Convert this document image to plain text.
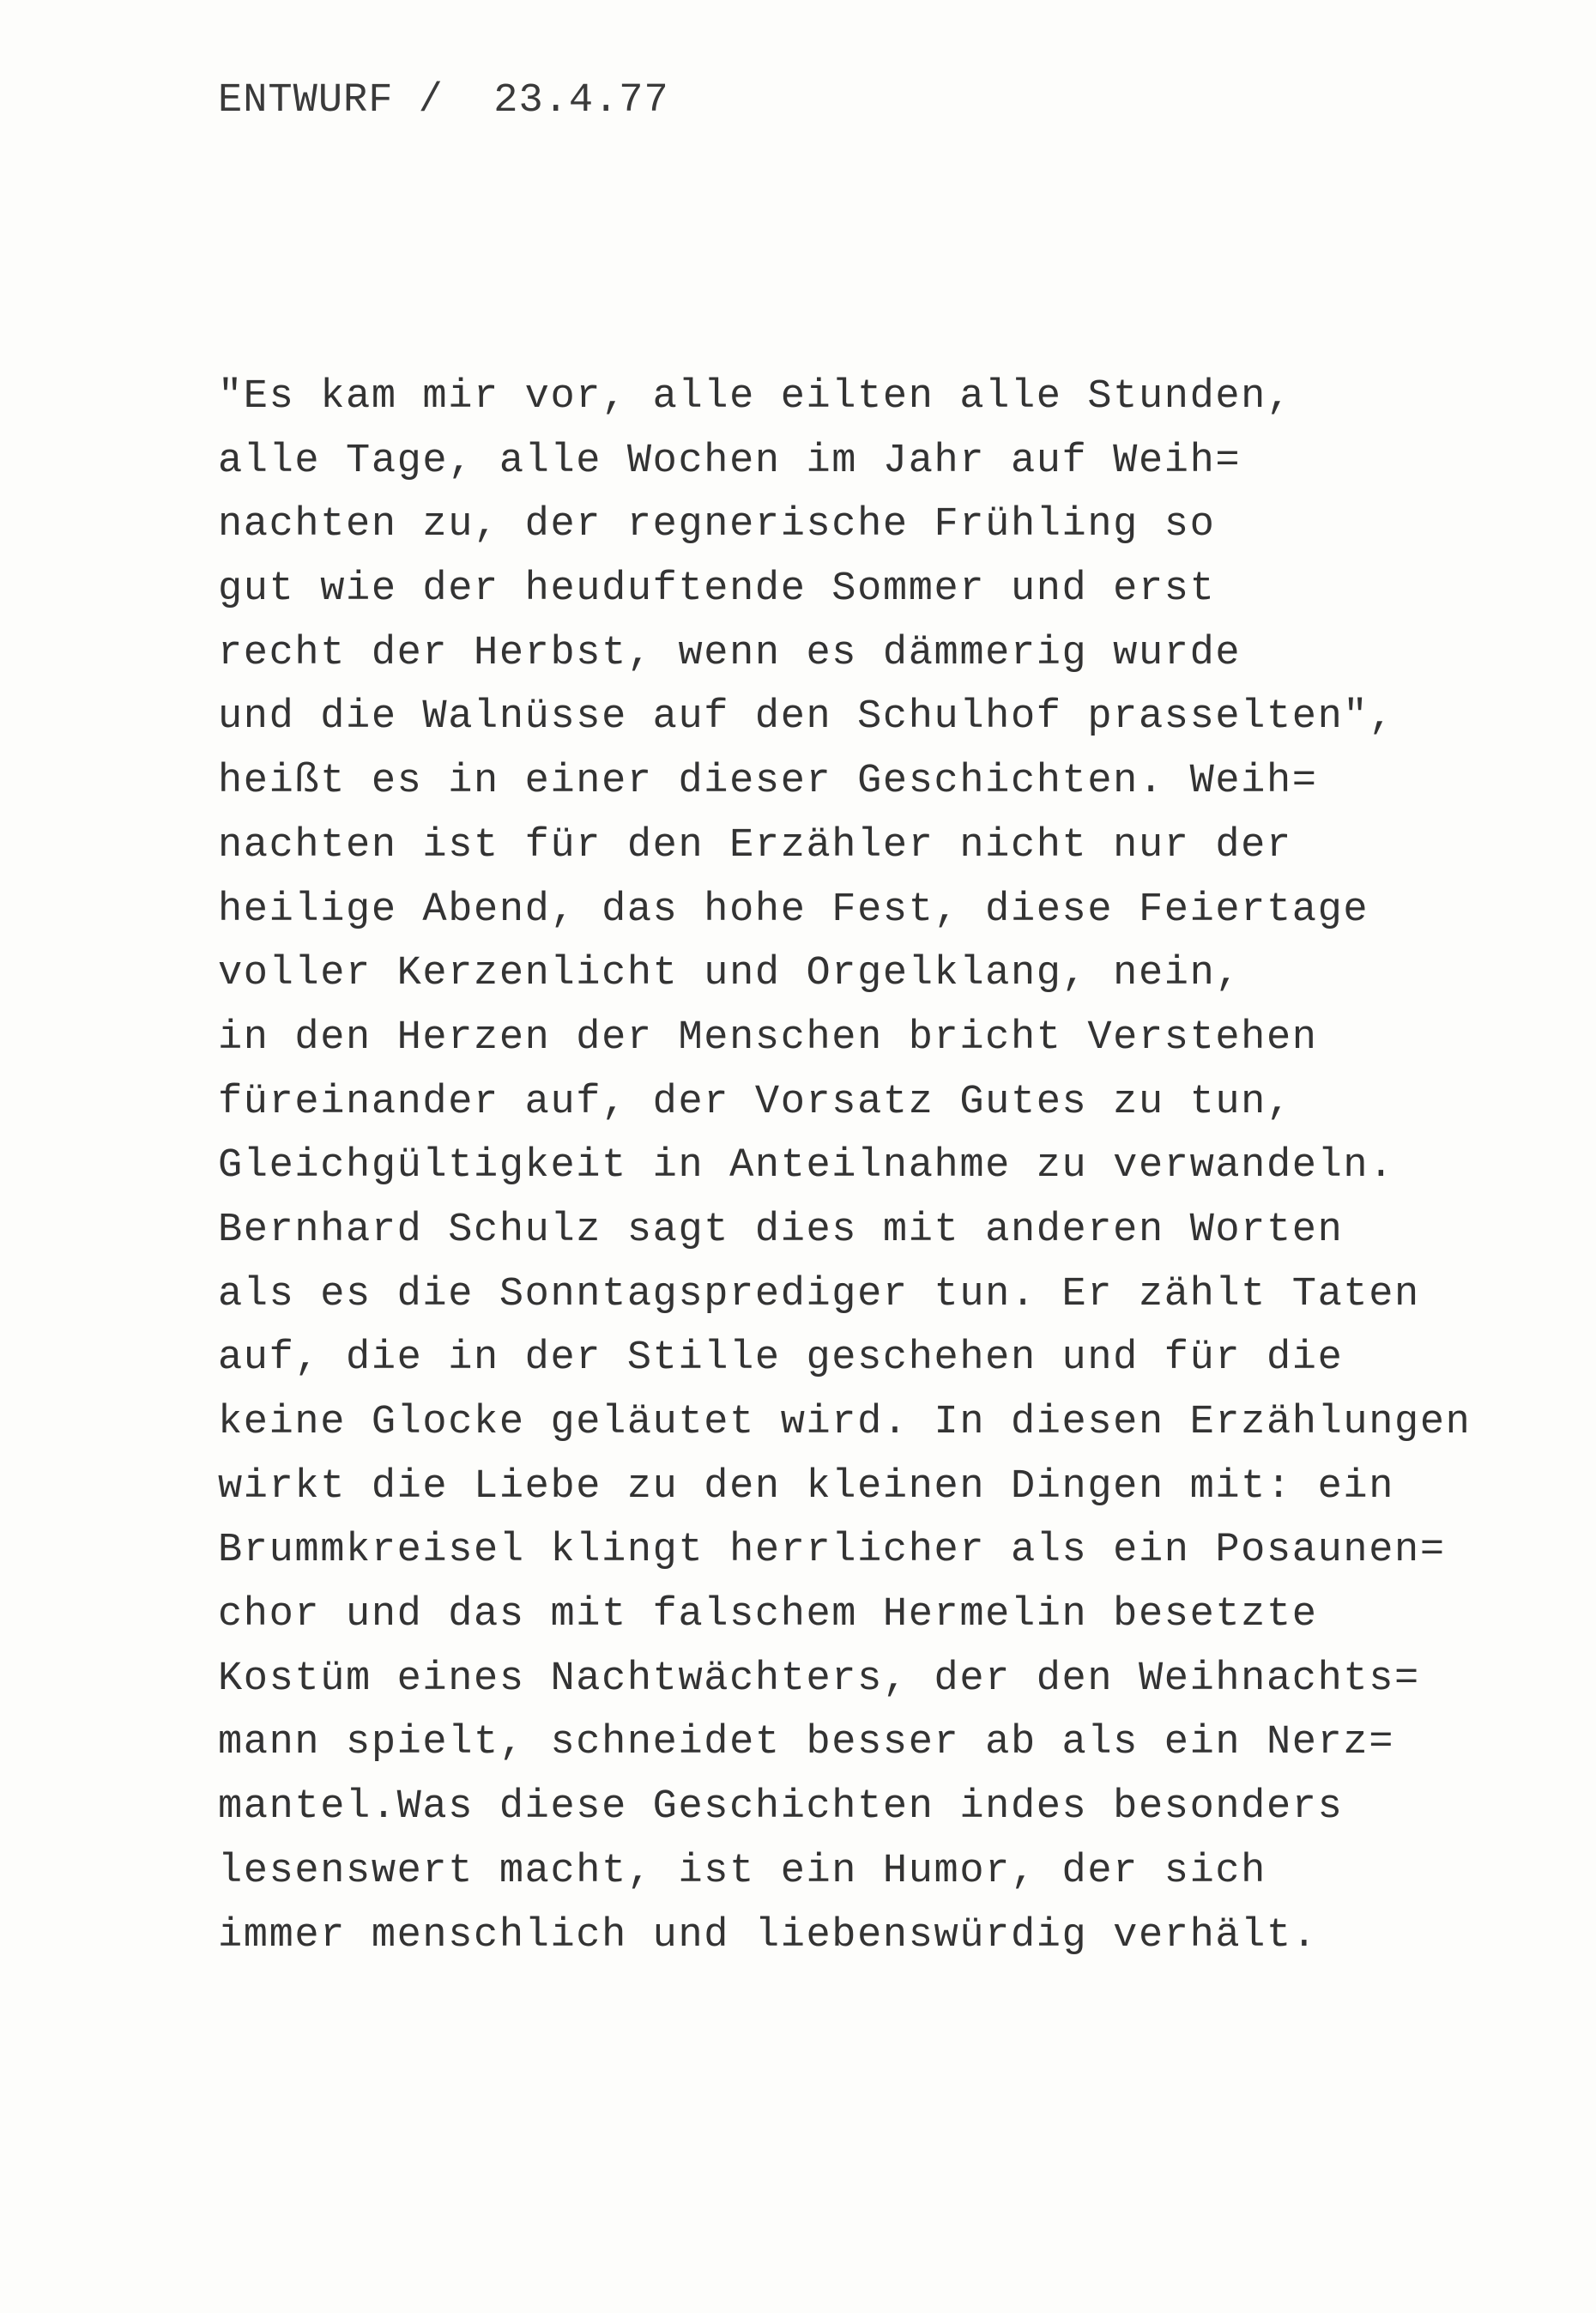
ENTWURF /  23.4.77
"Es kam mir vor, alle eilten alle Stunden,
alle Tage, alle Wochen im Jahr auf Weih=
nachten zu, der regnerische Frühling so
gut wie der heuduftende Sommer und erst
recht der Herbst, wenn es dämmerig wurde
und die Walnüsse auf den Schulhof prasselten",
heißt es in einer dieser Geschichten. Weih=
nachten ist für den Erzähler nicht nur der
heilige Abend, das hohe Fest, diese Feiertage
voller Kerzenlicht und Orgelklang, nein,
in den Herzen der Menschen bricht Verstehen
füreinander auf, der Vorsatz Gutes zu tun,
Gleichgültigkeit in Anteilnahme zu verwandeln.
Bernhard Schulz sagt dies mit anderen Worten
als es die Sonntagsprediger tun. Er zählt Taten
auf, die in der Stille geschehen und für die
keine Glocke geläutet wird. In diesen Erzählungen
wirkt die Liebe zu den kleinen Dingen mit: ein
Brummkreisel klingt herrlicher als ein Posaunen=
chor und das mit falschem Hermelin besetzte
Kostüm eines Nachtwächters, der den Weihnachts=
mann spielt, schneidet besser ab als ein Nerz=
mantel.Was diese Geschichten indes besonders
lesenswert macht, ist ein Humor, der sich
immer menschlich und liebenswürdig verhält.
